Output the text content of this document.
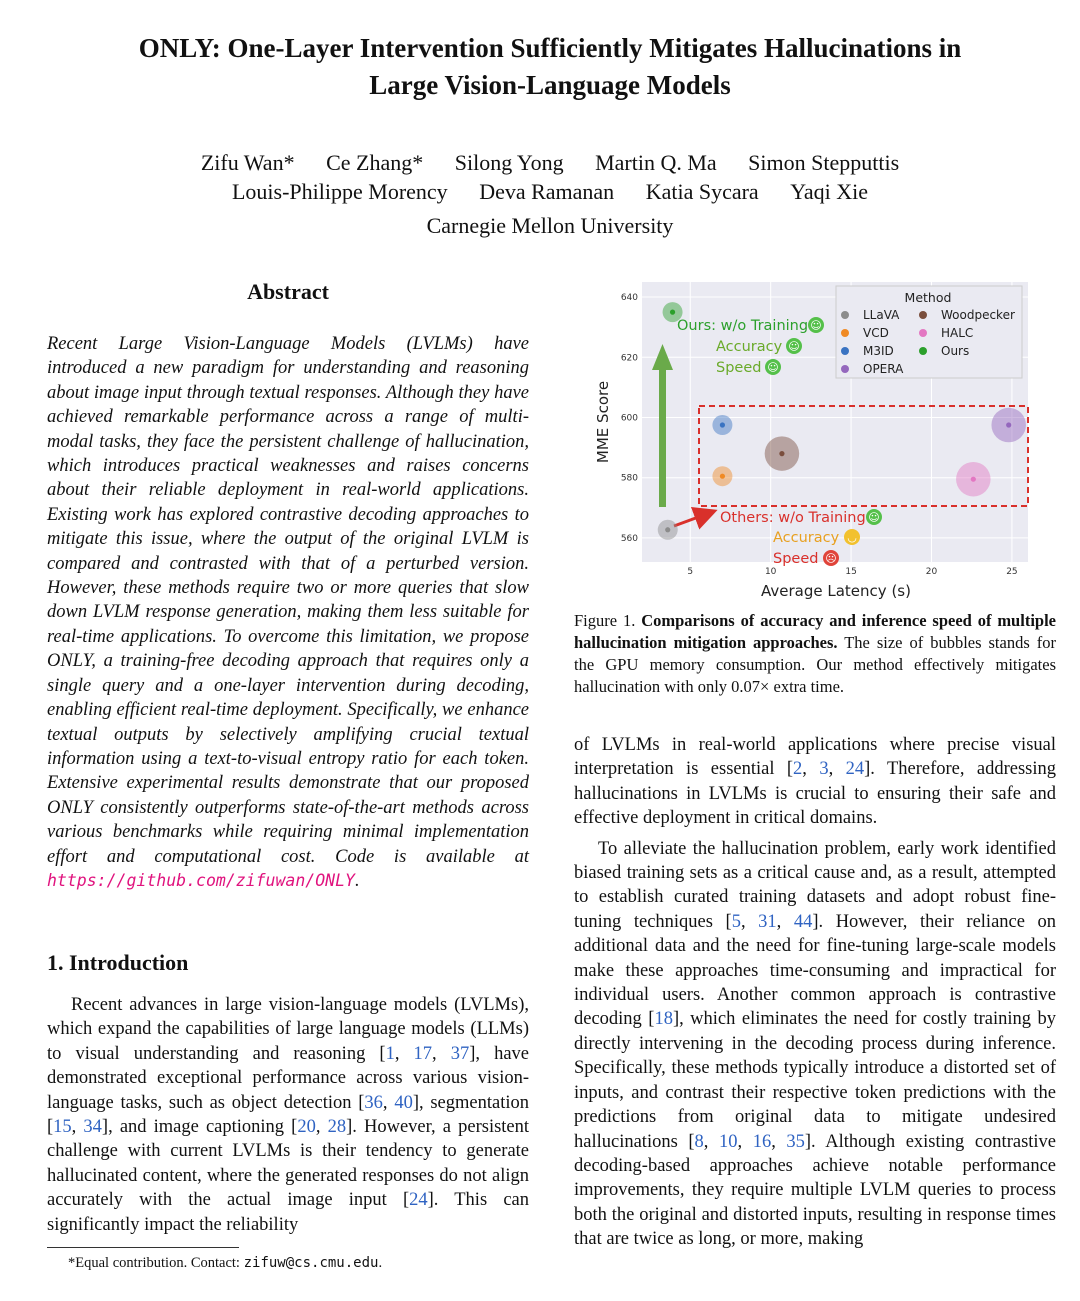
ONLY: One-Layer Intervention Sufficiently Mitigates Hallucinations in
Large Vision-Language Models
Zifu Wan* Ce Zhang* Silong Yong Martin Q. Ma Simon Stepputtis
Louis-Philippe Morency Deva Ramanan Katia Sycara Yaqi Xie
Carnegie Mellon University
Abstract
Recent Large Vision-Language Models (LVLMs) have introduced a new paradigm for understanding and reasoning about image input through textual responses. Although they have achieved remarkable performance across a range of multi-modal tasks, they face the persistent challenge of hallucination, which introduces practical weaknesses and raises concerns about their reliable deployment in real-world applications. Existing work has explored contrastive decoding approaches to mitigate this issue, where the output of the original LVLM is compared and contrasted with that of a perturbed version. However, these methods require two or more queries that slow down LVLM response generation, making them less suitable for real-time applications. To overcome this limitation, we propose ONLY, a training-free decoding approach that requires only a single query and a one-layer intervention during decoding, enabling efficient real-time deployment. Specifically, we enhance textual outputs by selectively amplifying crucial textual information using a text-to-visual entropy ratio for each token. Extensive experimental results demonstrate that our proposed ONLY consistently outperforms state-of-the-art methods across various benchmarks while requiring minimal implementation effort and computational cost. Code is available at https://github.com/zifuwan/ONLY.
1. Introduction

Recent advances in large vision-language models (LVLMs), which expand the capabilities of large language models (LLMs) to visual understanding and reasoning [1, 17, 37], have demonstrated exceptional performance across various vision-language tasks, such as object detection [36, 40], segmentation [15, 34], and image captioning [20, 28]. However, a persistent challenge with current LVLMs is their tendency to generate hallucinated content, where the generated responses do not align accurately with the actual image input [24]. This can significantly impact the reliability

*Equal contribution. Contact: zifuw@cs.cmu.edu.
5	10	15	20	25
560
580
600
620
640
Average Latency (s)
MME Score
Method
LLaVA	Woodpecker
VCD	HALC
M3ID	Ours
OPERA
Ours: w/o Training ☺
Accuracy ☺
Speed ☺
Others: w/o Training ☺
Accuracy ◡
Speed ☹
Figure 1. Comparisons of accuracy and inference speed of multiple hallucination mitigation approaches. The size of bubbles stands for the GPU memory consumption. Our method effectively mitigates hallucination with only 0.07× extra time.

of LVLMs in real-world applications where precise visual interpretation is essential [2, 3, 24]. Therefore, addressing hallucinations in LVLMs is crucial to ensuring their safe and effective deployment in critical domains.

To alleviate the hallucination problem, early work identified biased training sets as a critical cause and, as a result, attempted to establish curated training datasets and adopt robust fine-tuning techniques [5, 31, 44]. However, their reliance on additional data and the need for fine-tuning large-scale models make these approaches time-consuming and impractical for individual users. Another common approach is contrastive decoding [18], which eliminates the need for costly training by directly intervening in the decoding process during inference. Specifically, these methods typically introduce a distorted set of inputs, and contrast their respective token predictions with the predictions from original data to mitigate undesired hallucinations [8, 10, 16, 35]. Although existing contrastive decoding-based approaches achieve notable performance improvements, they require multiple LVLM queries to process both the original and distorted inputs, resulting in response times that are twice as long, or more, making
